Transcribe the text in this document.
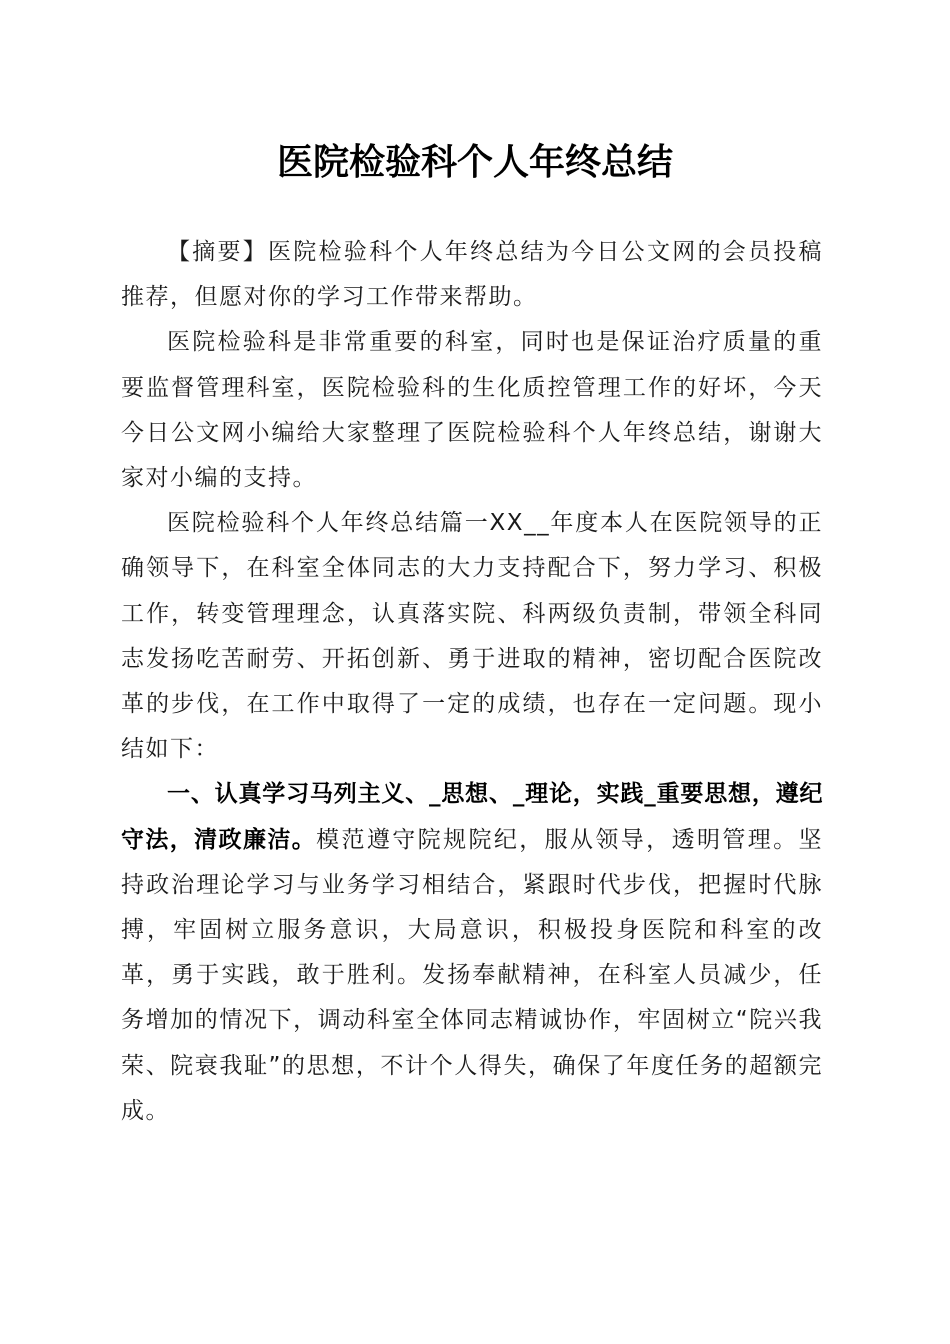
医院检验科个人年终总结

【摘要】医院检验科个人年终总结为今日公文网的会员投稿推荐，但愿对你的学习工作带来帮助。

医院检验科是非常重要的科室，同时也是保证治疗质量的重要监督管理科室，医院检验科的生化质控管理工作的好坏，今天今日公文网小编给大家整理了医院检验科个人年终总结，谢谢大家对小编的支持。

医院检验科个人年终总结篇一XX__年度本人在医院领导的正确领导下，在科室全体同志的大力支持配合下，努力学习、积极工作，转变管理理念，认真落实院、科两级负责制，带领全科同志发扬吃苦耐劳、开拓创新、勇于进取的精神，密切配合医院改革的步伐，在工作中取得了一定的成绩，也存在一定问题。现小结如下：

一、认真学习马列主义、_思想、_理论，实践_重要思想，遵纪守法，清政廉洁。模范遵守院规院纪，服从领导，透明管理。坚持政治理论学习与业务学习相结合，紧跟时代步伐，把握时代脉搏，牢固树立服务意识，大局意识，积极投身医院和科室的改革，勇于实践，敢于胜利。发扬奉献精神，在科室人员减少，任务增加的情况下，调动科室全体同志精诚协作，牢固树立“院兴我荣、院衰我耻”的思想，不计个人得失，确保了年度任务的超额完成。
